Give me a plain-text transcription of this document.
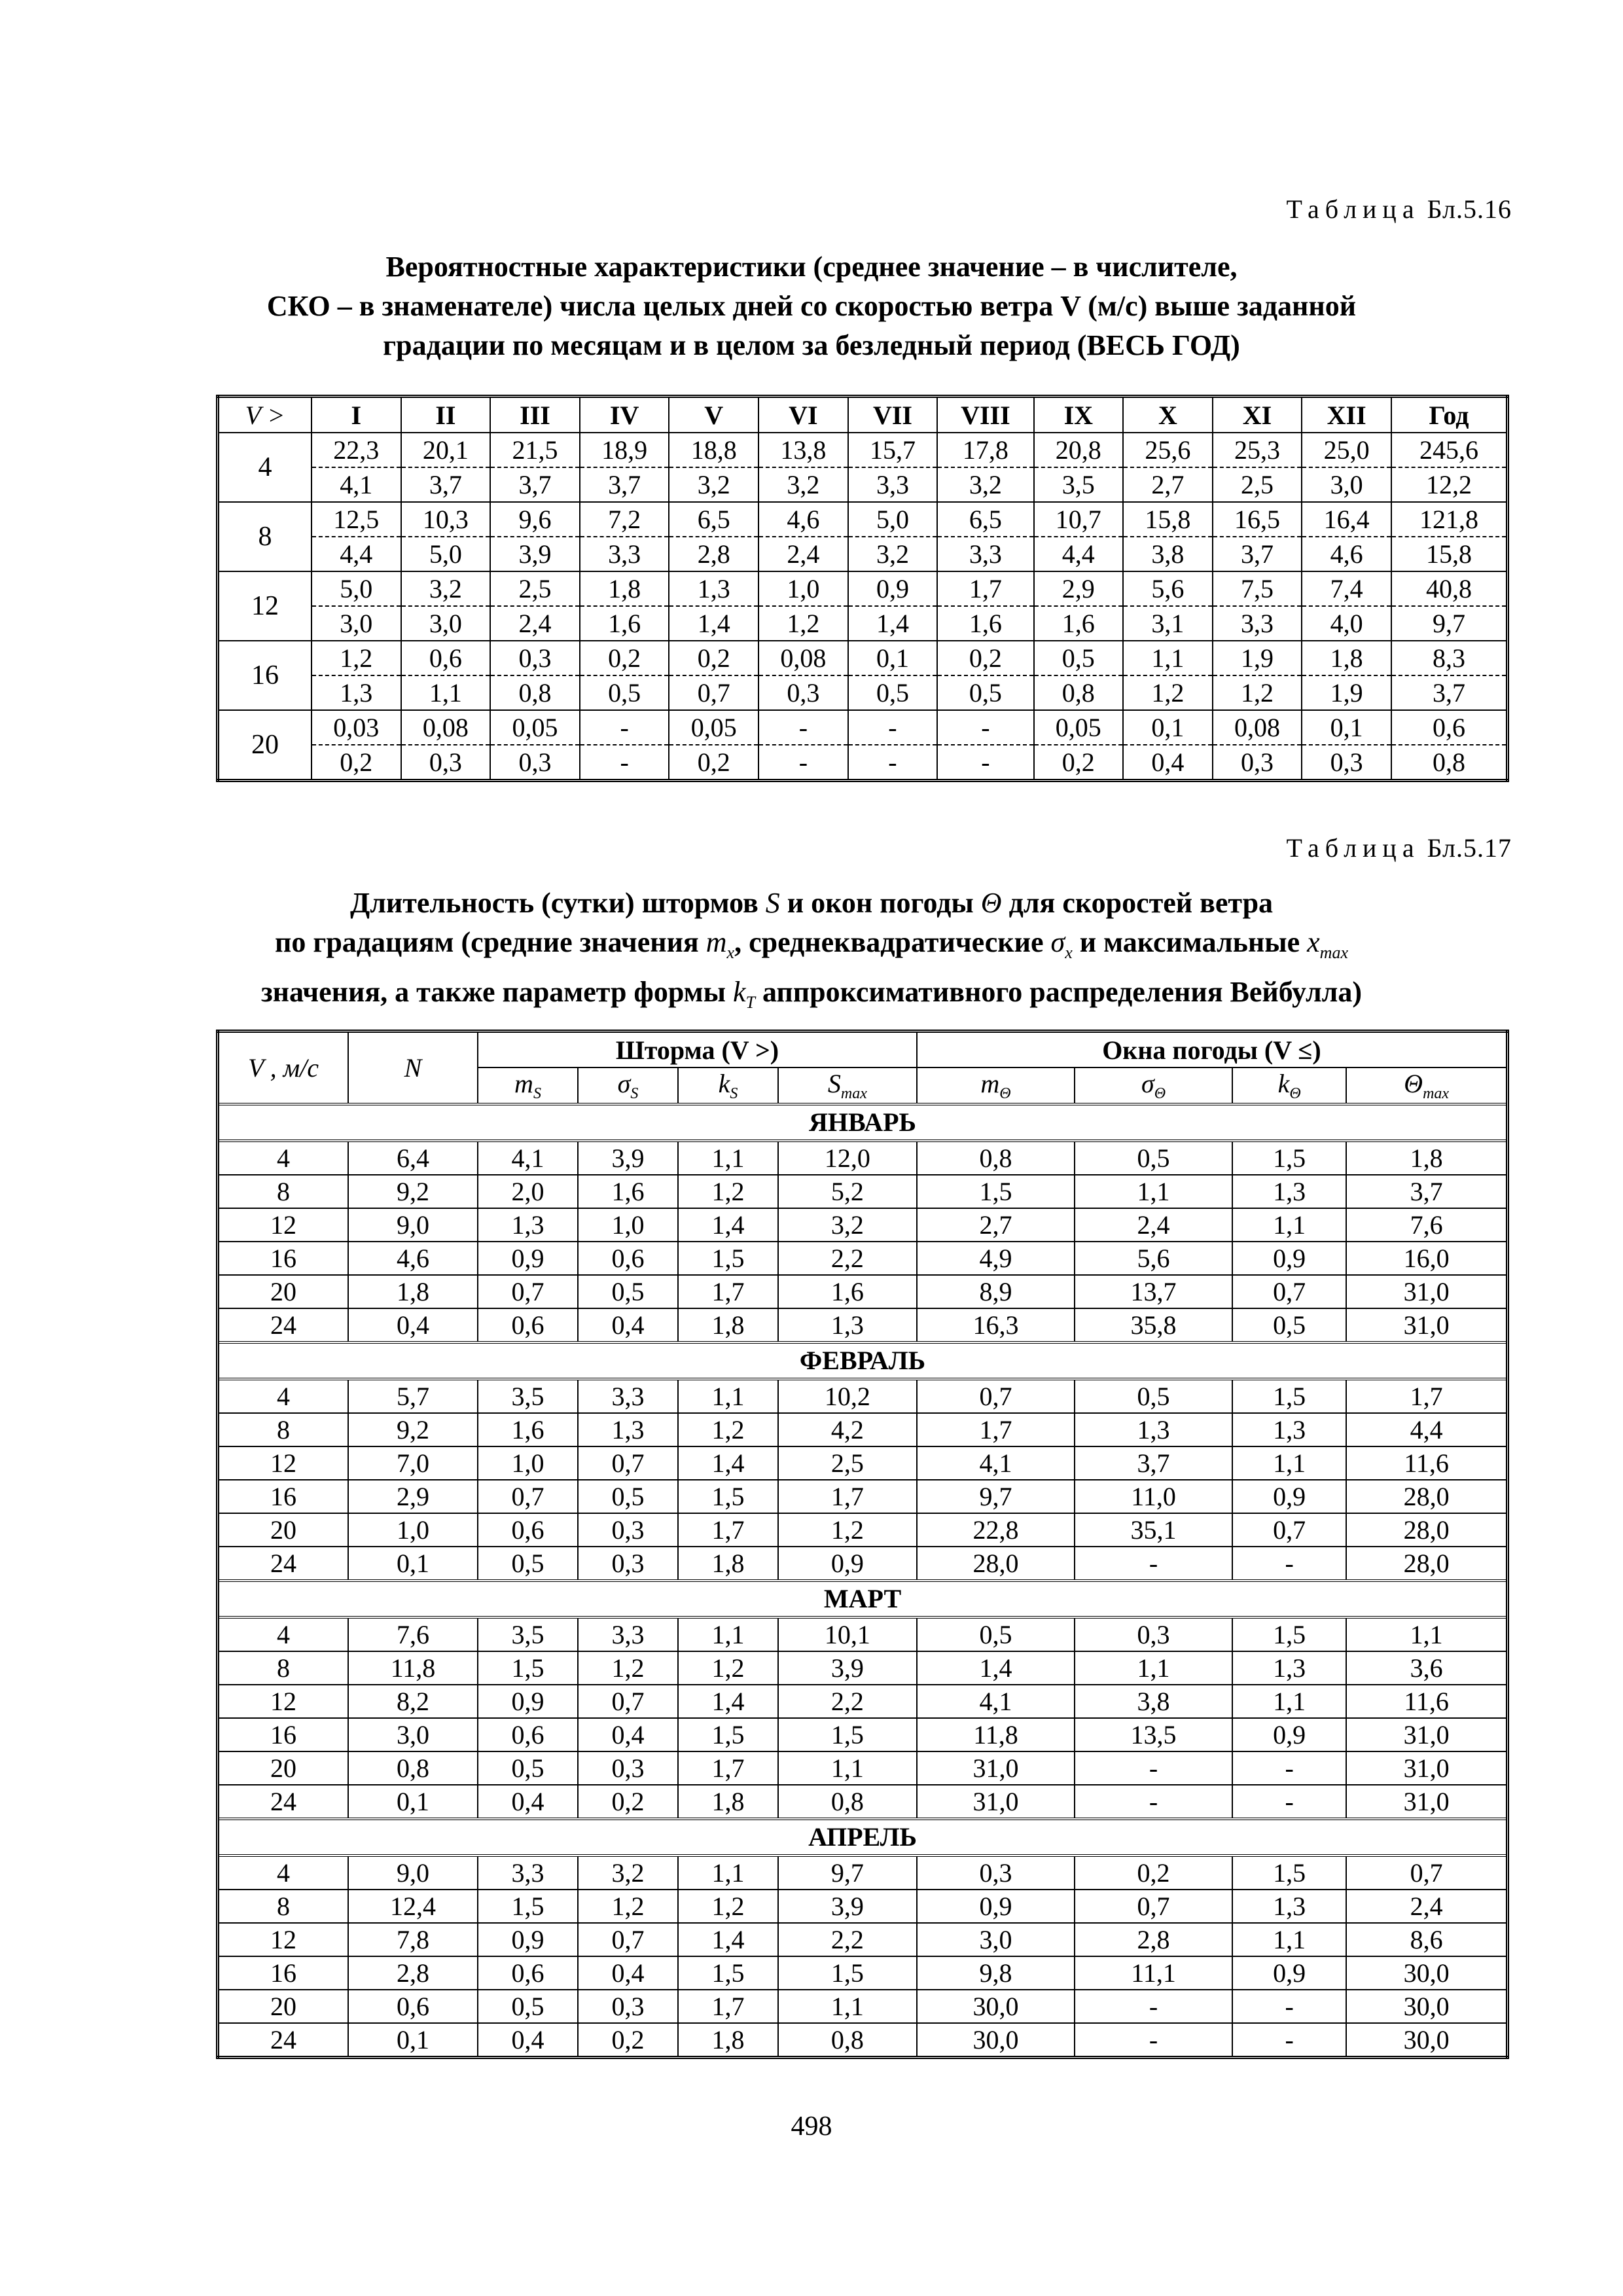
Таблица Бл.5.16
Вероятностные характеристики (среднее значение – в числителе,
СКО – в знаменателе) числа целых дней со скоростью ветра V (м/с) выше заданной
градации по месяцам и в целом за безледный период (ВЕСЬ ГОД)
V >	I	II	III	IV	V	VI	VII	VIII	IX	X	XI	XII	Год
4	22,3	20,1	21,5	18,9	18,8	13,8	15,7	17,8	20,8	25,6	25,3	25,0	245,6
	4,1	3,7	3,7	3,7	3,2	3,2	3,3	3,2	3,5	2,7	2,5	3,0	12,2
8	12,5	10,3	9,6	7,2	6,5	4,6	5,0	6,5	10,7	15,8	16,5	16,4	121,8
	4,4	5,0	3,9	3,3	2,8	2,4	3,2	3,3	4,4	3,8	3,7	4,6	15,8
12	5,0	3,2	2,5	1,8	1,3	1,0	0,9	1,7	2,9	5,6	7,5	7,4	40,8
	3,0	3,0	2,4	1,6	1,4	1,2	1,4	1,6	1,6	3,1	3,3	4,0	9,7
16	1,2	0,6	0,3	0,2	0,2	0,08	0,1	0,2	0,5	1,1	1,9	1,8	8,3
	1,3	1,1	0,8	0,5	0,7	0,3	0,5	0,5	0,8	1,2	1,2	1,9	3,7
20	0,03	0,08	0,05	-	0,05	-	-	-	0,05	0,1	0,08	0,1	0,6
	0,2	0,3	0,3	-	0,2	-	-	-	0,2	0,4	0,3	0,3	0,8
Таблица Бл.5.17
Длительность (сутки) штормов S и окон погоды Θ для скоростей ветра
по градациям (средние значения $m_x$, среднеквадратические $\sigma_x$ и максимальные $x_{max}$
значения, а также параметр формы $k_T$ аппроксимативного распределения Вейбулла)
V , м/с	N	Шторма (V >)				Окна погоды (V ≤)			
		$m_S$	$\sigma_S$	$k_S$	$S_{max}$	$m_\Theta$	$\sigma_\Theta$	$k_\Theta$	$\Theta_{max}$
ЯНВАРЬ									
4	6,4	4,1	3,9	1,1	12,0	0,8	0,5	1,5	1,8
8	9,2	2,0	1,6	1,2	5,2	1,5	1,1	1,3	3,7
12	9,0	1,3	1,0	1,4	3,2	2,7	2,4	1,1	7,6
16	4,6	0,9	0,6	1,5	2,2	4,9	5,6	0,9	16,0
20	1,8	0,7	0,5	1,7	1,6	8,9	13,7	0,7	31,0
24	0,4	0,6	0,4	1,8	1,3	16,3	35,8	0,5	31,0
ФЕВРАЛЬ									
4	5,7	3,5	3,3	1,1	10,2	0,7	0,5	1,5	1,7
8	9,2	1,6	1,3	1,2	4,2	1,7	1,3	1,3	4,4
12	7,0	1,0	0,7	1,4	2,5	4,1	3,7	1,1	11,6
16	2,9	0,7	0,5	1,5	1,7	9,7	11,0	0,9	28,0
20	1,0	0,6	0,3	1,7	1,2	22,8	35,1	0,7	28,0
24	0,1	0,5	0,3	1,8	0,9	28,0	-	-	28,0
МАРТ									
4	7,6	3,5	3,3	1,1	10,1	0,5	0,3	1,5	1,1
8	11,8	1,5	1,2	1,2	3,9	1,4	1,1	1,3	3,6
12	8,2	0,9	0,7	1,4	2,2	4,1	3,8	1,1	11,6
16	3,0	0,6	0,4	1,5	1,5	11,8	13,5	0,9	31,0
20	0,8	0,5	0,3	1,7	1,1	31,0	-	-	31,0
24	0,1	0,4	0,2	1,8	0,8	31,0	-	-	31,0
АПРЕЛЬ									
4	9,0	3,3	3,2	1,1	9,7	0,3	0,2	1,5	0,7
8	12,4	1,5	1,2	1,2	3,9	0,9	0,7	1,3	2,4
12	7,8	0,9	0,7	1,4	2,2	3,0	2,8	1,1	8,6
16	2,8	0,6	0,4	1,5	1,5	9,8	11,1	0,9	30,0
20	0,6	0,5	0,3	1,7	1,1	30,0	-	-	30,0
24	0,1	0,4	0,2	1,8	0,8	30,0	-	-	30,0
498
